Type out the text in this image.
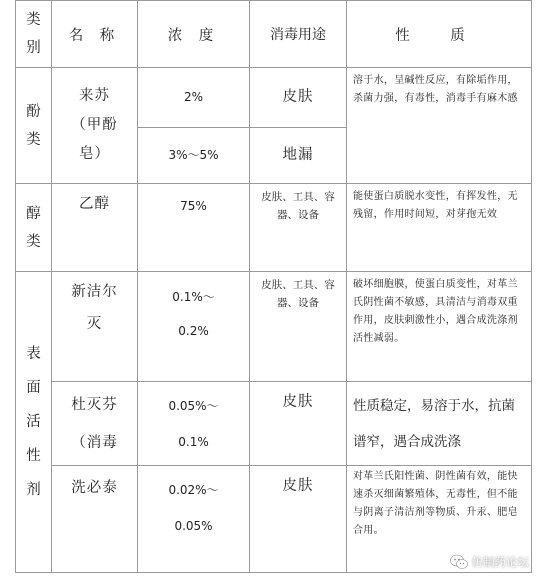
类别	名 称	浓 度	消毒用途	性 质

酚类	来苏（甲酚皂）	2%	皮肤	溶于水，呈碱性反应，有除垢作用，杀菌力强，有毒性，消毒手有麻木感
		3%～5%	地漏	

醇类	乙醇	75%	皮肤、工具、容器、设备	能使蛋白质脱水变性，有挥发性，无残留，作用时间短，对芽孢无效

表面活性剂	新洁尔灭	0.1%～0.2%	皮肤、工具、容器、设备	破坏细胞膜，使蛋白质变性，对革兰氏阴性菌不敏感，具清洁与消毒双重作用，皮肤刺激性小，遇合成洗涤剂活性减弱。

	杜灭芬（消毒	0.05%～0.1%	皮肤	性质稳定，易溶于水，抗菌谱窄，遇合成洗涤
	洗必泰	0.02%～0.05%	皮肤	对革兰氏阳性菌、阴性菌有效，能快速杀灭细菌繁殖体，无毒性，但不能与阴离子清洁剂等物质、升汞、肥皂合用。
仿制药论坛
